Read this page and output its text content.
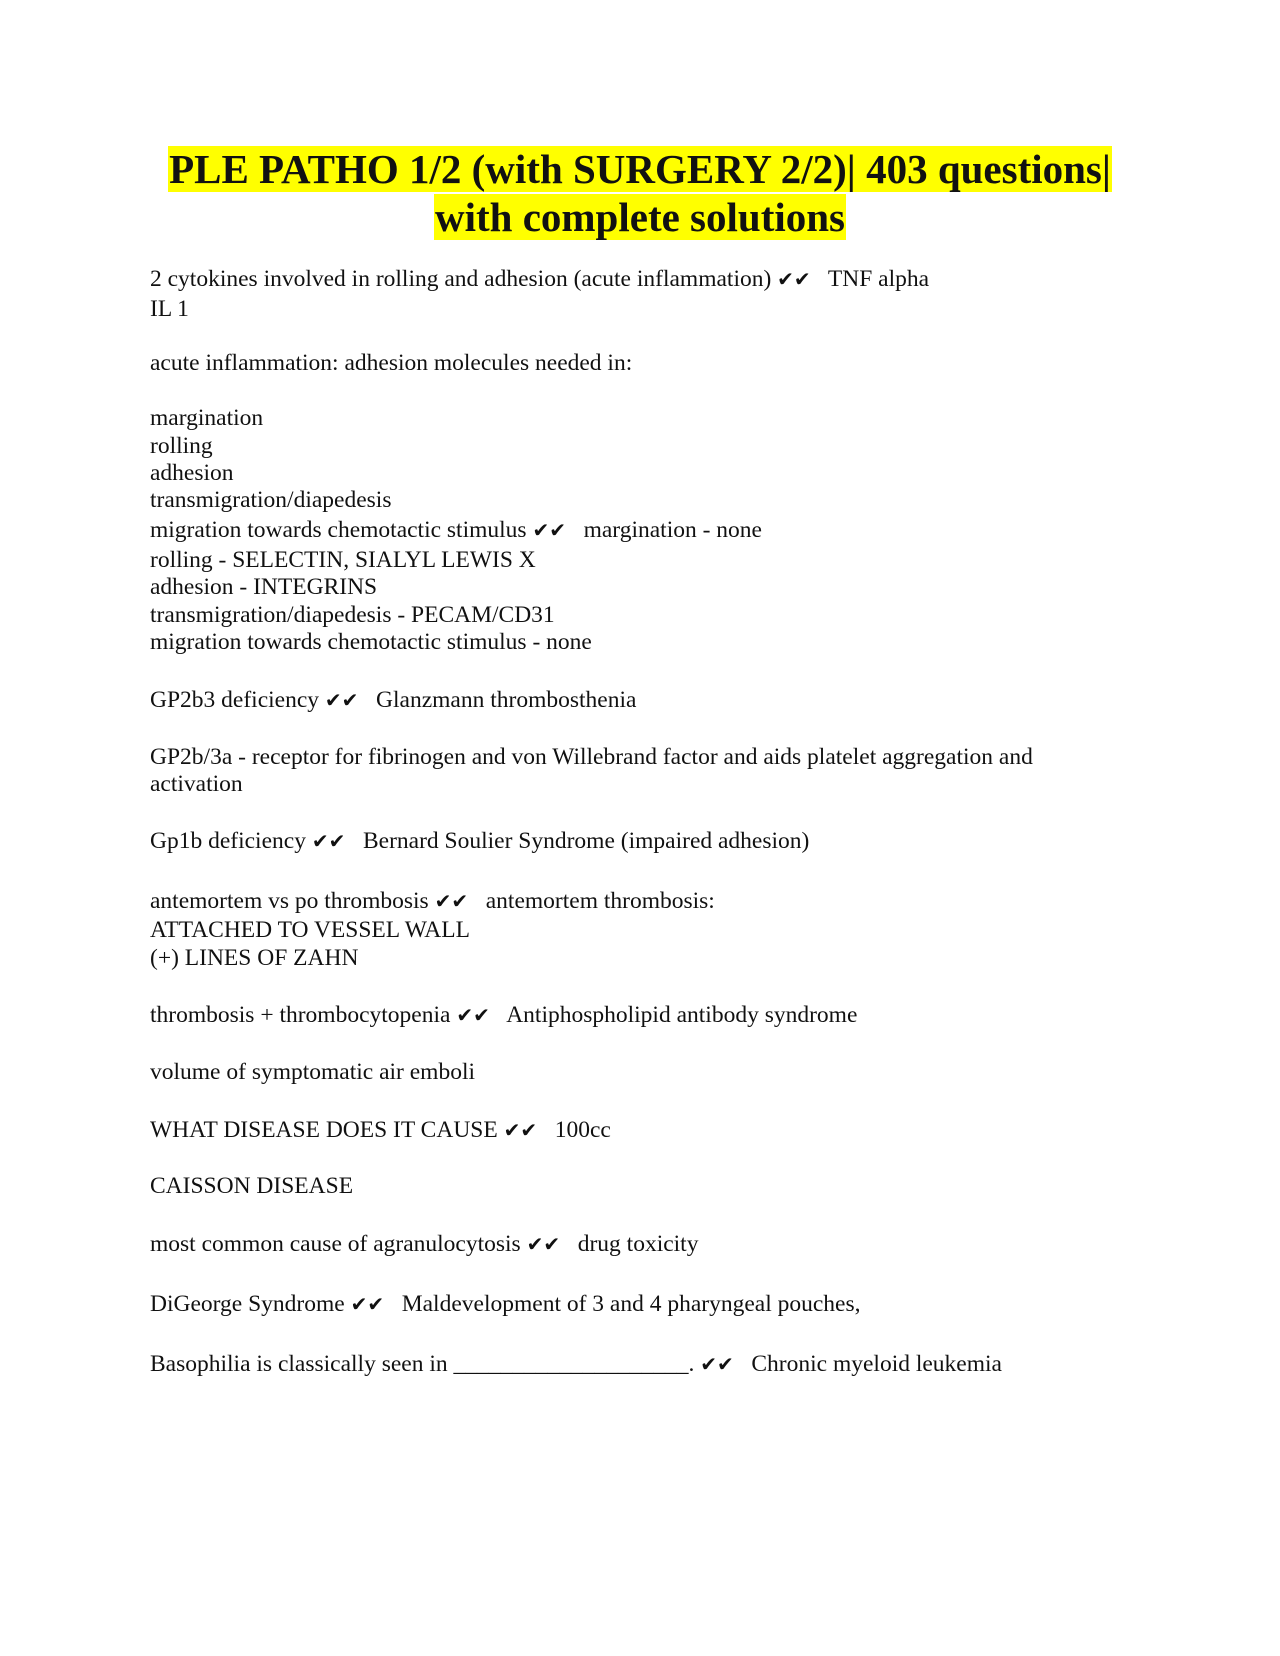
PLE PATHO 1/2 (with SURGERY 2/2)| 403 questions|
with complete solutions
2 cytokines involved in rolling and adhesion (acute inflammation) ✔✔ TNF alpha
IL 1
acute inflammation: adhesion molecules needed in:
margination
rolling
adhesion
transmigration/diapedesis
migration towards chemotactic stimulus ✔✔ margination - none
rolling - SELECTIN, SIALYL LEWIS X
adhesion - INTEGRINS
transmigration/diapedesis - PECAM/CD31
migration towards chemotactic stimulus - none
GP2b3 deficiency ✔✔ Glanzmann thrombosthenia
GP2b/3a - receptor for fibrinogen and von Willebrand factor and aids platelet aggregation and
activation
Gp1b deficiency ✔✔ Bernard Soulier Syndrome (impaired adhesion)
antemortem vs po thrombosis ✔✔ antemortem thrombosis:
ATTACHED TO VESSEL WALL
(+) LINES OF ZAHN
thrombosis + thrombocytopenia ✔✔ Antiphospholipid antibody syndrome
volume of symptomatic air emboli
WHAT DISEASE DOES IT CAUSE ✔✔ 100cc
CAISSON DISEASE
most common cause of agranulocytosis ✔✔ drug toxicity
DiGeorge Syndrome ✔✔ Maldevelopment of 3 and 4 pharyngeal pouches,
Basophilia is classically seen in ____________________. ✔✔ Chronic myeloid leukemia
